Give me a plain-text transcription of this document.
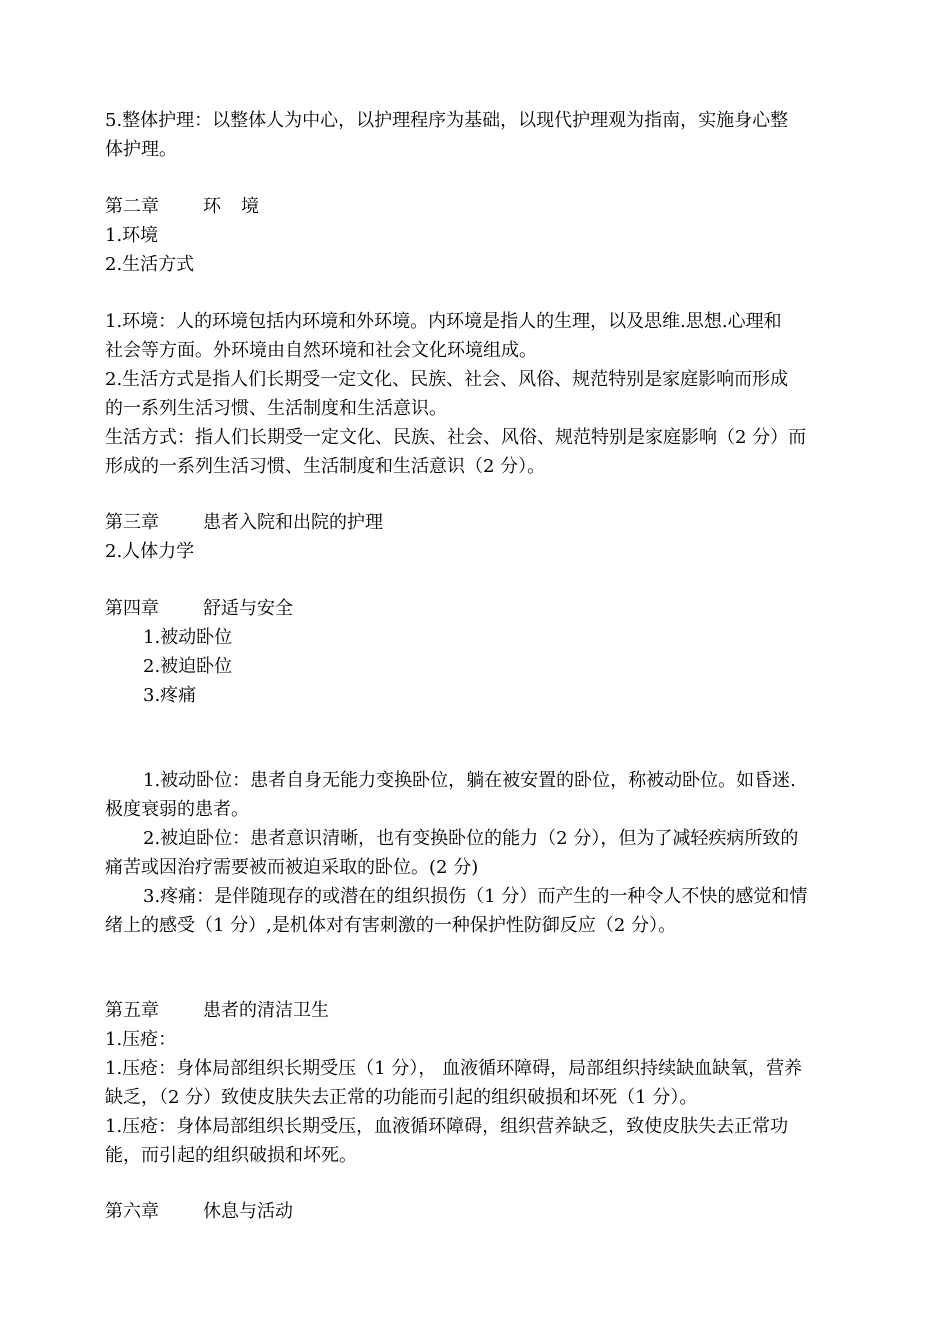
5.整体护理：以整体人为中心，以护理程序为基础，以现代护理观为指南，实施身心整
体护理。
第二章 环 境
1.环境
2.生活方式
1.环境：人的环境包括内环境和外环境。内环境是指人的生理，以及思维.思想.心理和
社会等方面。外环境由自然环境和社会文化环境组成。
2.生活方式是指人们长期受一定文化、民族、社会、风俗、规范特别是家庭影响而形成
的一系列生活习惯、生活制度和生活意识。
生活方式：指人们长期受一定文化、民族、社会、风俗、规范特别是家庭影响（2 分）而
形成的一系列生活习惯、生活制度和生活意识（2 分）。
第三章 患者入院和出院的护理
2.人体力学
第四章 舒适与安全
1.被动卧位
2.被迫卧位
3.疼痛
1.被动卧位：患者自身无能力变换卧位，躺在被安置的卧位，称被动卧位。如昏迷.
极度衰弱的患者。
2.被迫卧位：患者意识清晰，也有变换卧位的能力（2 分），但为了减轻疾病所致的
痛苦或因治疗需要被而被迫采取的卧位。(2 分)
3.疼痛：是伴随现存的或潜在的组织损伤（1 分）而产生的一种令人不快的感觉和情
绪上的感受（1 分）,是机体对有害刺激的一种保护性防御反应（2 分）。
第五章 患者的清洁卫生
1.压疮：
1.压疮：身体局部组织长期受压（1 分）， 血液循环障碍，局部组织持续缺血缺氧，营养
缺乏，（2 分）致使皮肤失去正常的功能而引起的组织破损和坏死（1 分）。
1.压疮：身体局部组织长期受压，血液循环障碍，组织营养缺乏，致使皮肤失去正常功
能，而引起的组织破损和坏死。
第六章 休息与活动
